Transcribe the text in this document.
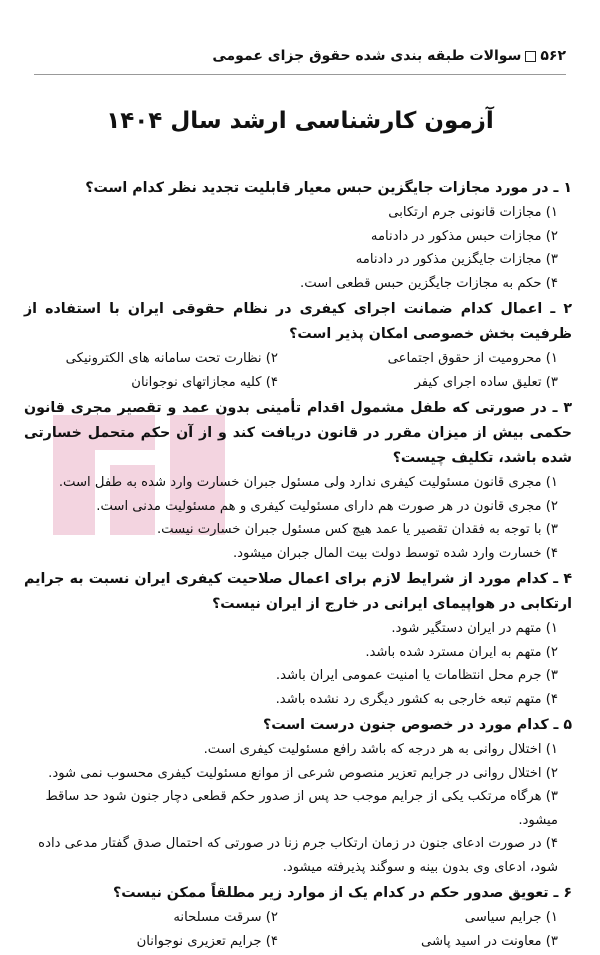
۵۶۲
سوالات طبقه بندی شده حقوق جزای عمومی
آزمون کارشناسی ارشد سال ۱۴۰۴
۱ ـ در مورد مجازات جایگزین حبس معیار قابلیت تجدید نظر کدام است؟
۱) مجازات قانونی جرم ارتکابی
۲) مجازات حبس مذکور در دادنامه
۳) مجازات جایگزین مذکور در دادنامه
۴) حکم به مجازات جایگزین حبس قطعی است.
۲ ـ اعمال کدام ضمانت اجرای کیفری در نظام حقوقی ایران با استفاده از ظرفیت بخش خصوصی امکان پذیر است؟
۱) محرومیت از حقوق اجتماعی
۲) نظارت تحت سامانه های الکترونیکی
۳) تعلیق ساده اجرای کیفر
۴) کلیه مجازاتهای نوجوانان
۳ ـ در صورتی که طفل مشمول اقدام تأمینی بدون عمد و تقصیر مجری قانون حکمی بیش از میزان مقرر در قانون دریافت کند و از آن حکم متحمل خسارتی شده باشد، تکلیف چیست؟
۱) مجری قانون مسئولیت کیفری ندارد ولی مسئول جبران خسارت وارد شده به طفل است.
۲) مجری قانون در هر صورت هم دارای مسئولیت کیفری و هم مسئولیت مدنی است.
۳) با توجه به فقدان تقصیر یا عمد هیچ کس مسئول جبران خسارت نیست.
۴) خسارت وارد شده توسط دولت بیت المال جبران میشود.
۴ ـ کدام مورد از شرایط لازم برای اعمال صلاحیت کیفری ایران نسبت به جرایم ارتکابی در هواپیمای ایرانی در خارج از ایران نیست؟
۱) متهم در ایران دستگیر شود.
۲) متهم به ایران مسترد شده باشد.
۳) جرم محل انتظامات یا امنیت عمومی ایران باشد.
۴) متهم تبعه خارجی به کشور دیگری رد نشده باشد.
۵ ـ کدام مورد در خصوص جنون درست است؟
۱) اختلال روانی به هر درجه که باشد رافع مسئولیت کیفری است.
۲) اختلال روانی در جرایم تعزیر منصوص شرعی از موانع مسئولیت کیفری محسوب نمی شود.
۳) هرگاه مرتکب یکی از جرایم موجب حد پس از صدور حکم قطعی دچار جنون شود حد ساقط میشود.
۴) در صورت ادعای جنون در زمان ارتکاب جرم زنا در صورتی که احتمال صدق گفتار مدعی داده شود، ادعای وی بدون بینه و سوگند پذیرفته میشود.
۶ ـ تعویق صدور حکم در کدام یک از موارد زیر مطلقاً ممکن نیست؟
۱) جرایم سیاسی
۲) سرقت مسلحانه
۳) معاونت در اسید پاشی
۴) جرایم تعزیری نوجوانان
